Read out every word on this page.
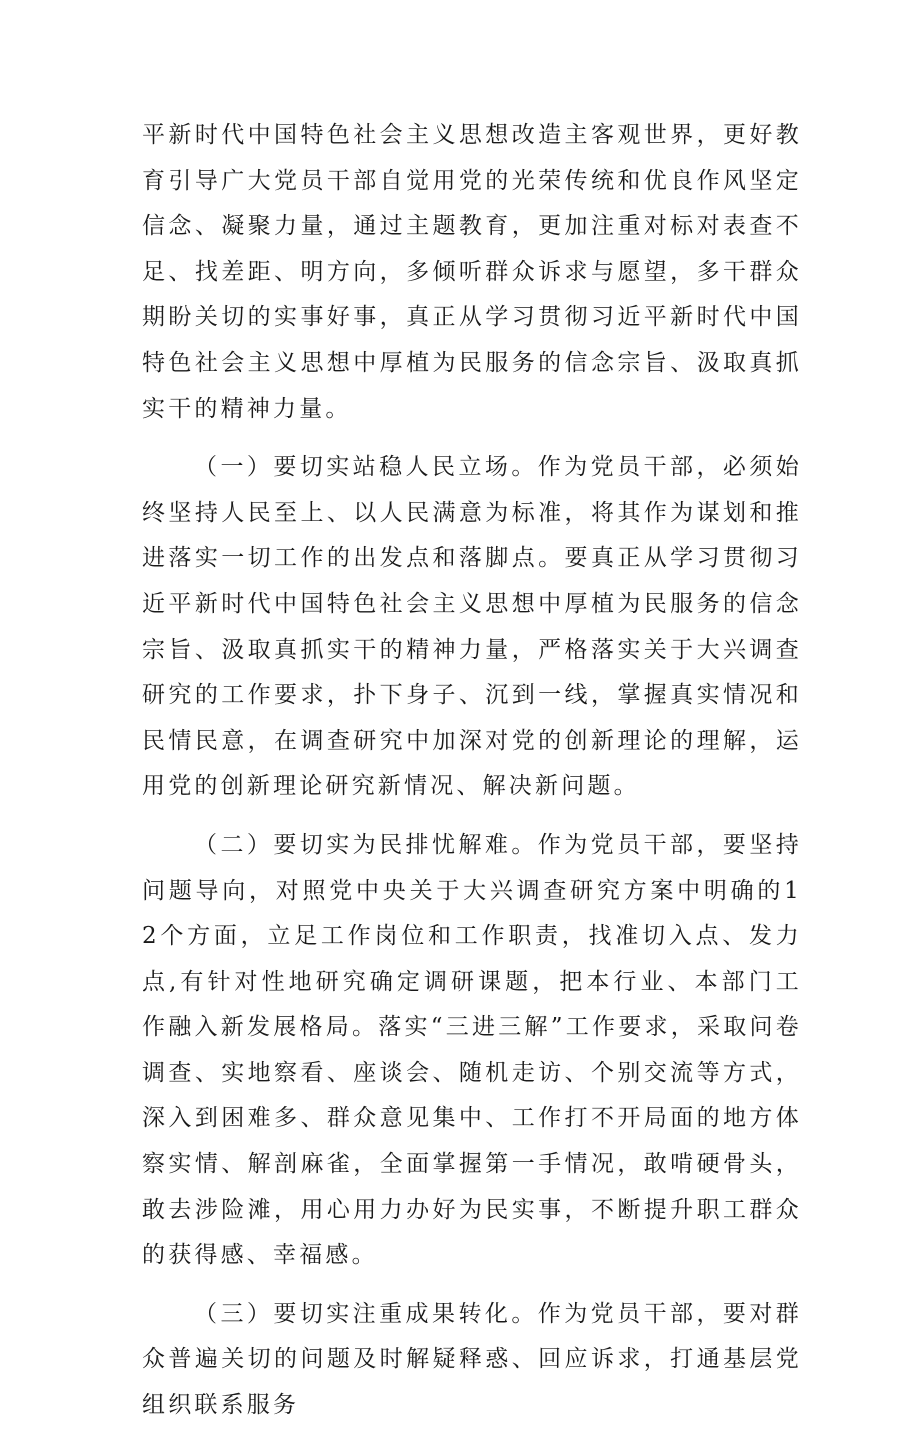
平新时代中国特色社会主义思想改造主客观世界，更好教育引导广大党员干部自觉用党的光荣传统和优良作风坚定信念、凝聚力量，通过主题教育，更加注重对标对表查不足、找差距、明方向，多倾听群众诉求与愿望，多干群众期盼关切的实事好事，真正从学习贯彻习近平新时代中国特色社会主义思想中厚植为民服务的信念宗旨、汲取真抓实干的精神力量。

（一）要切实站稳人民立场。作为党员干部，必须始终坚持人民至上、以人民满意为标准，将其作为谋划和推进落实一切工作的出发点和落脚点。要真正从学习贯彻习近平新时代中国特色社会主义思想中厚植为民服务的信念宗旨、汲取真抓实干的精神力量，严格落实关于大兴调查研究的工作要求，扑下身子、沉到一线，掌握真实情况和民情民意，在调查研究中加深对党的创新理论的理解，运用党的创新理论研究新情况、解决新问题。

（二）要切实为民排忧解难。作为党员干部，要坚持问题导向，对照党中央关于大兴调查研究方案中明确的12个方面，立足工作岗位和工作职责，找准切入点、发力点,有针对性地研究确定调研课题，把本行业、本部门工作融入新发展格局。落实“三进三解”工作要求，采取问卷调查、实地察看、座谈会、随机走访、个别交流等方式，深入到困难多、群众意见集中、工作打不开局面的地方体察实情、解剖麻雀，全面掌握第一手情况，敢啃硬骨头，敢去涉险滩，用心用力办好为民实事，不断提升职工群众的获得感、幸福感。

（三）要切实注重成果转化。作为党员干部，要对群众普遍关切的问题及时解疑释惑、回应诉求，打通基层党组织联系服务
